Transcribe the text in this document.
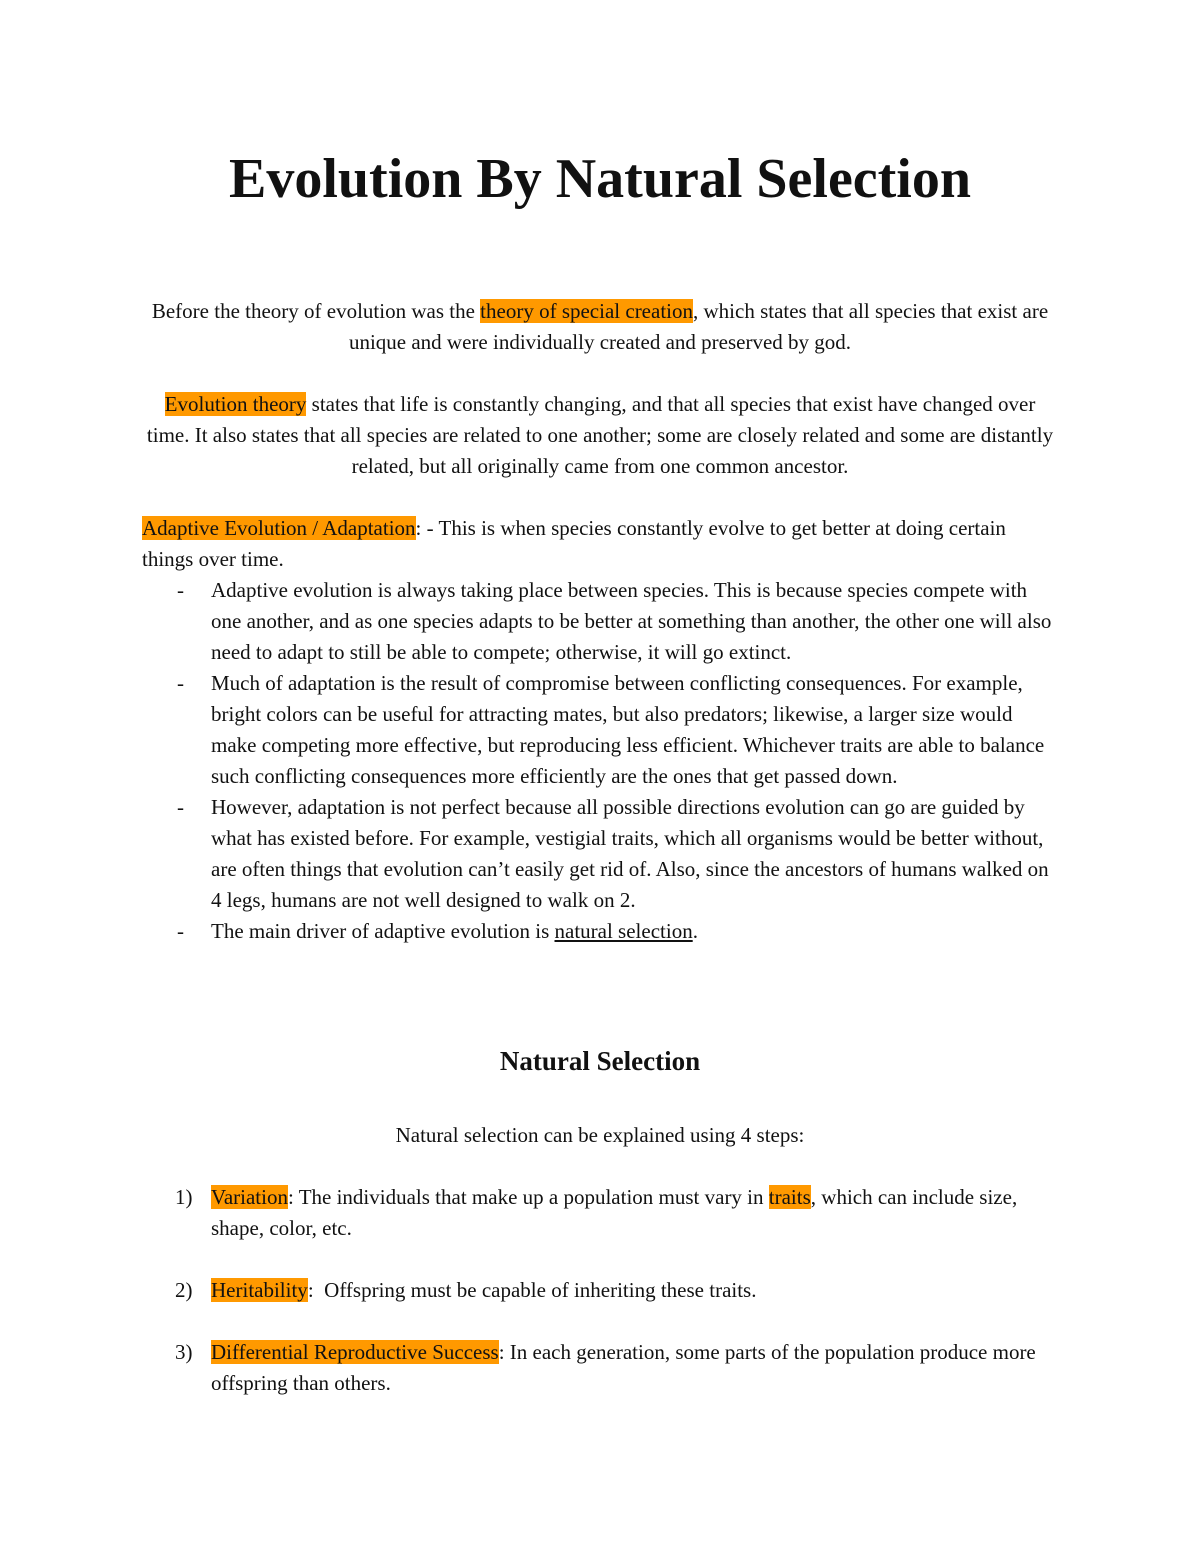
Evolution By Natural Selection

Before the theory of evolution was the theory of special creation, which states that all species that exist are unique and were individually created and preserved by god.

Evolution theory states that life is constantly changing, and that all species that exist have changed over time. It also states that all species are related to one another; some are closely related and some are distantly related, but all originally came from one common ancestor.

Adaptive Evolution / Adaptation: - This is when species constantly evolve to get better at doing certain things over time.

- Adaptive evolution is always taking place between species. This is because species compete with one another, and as one species adapts to be better at something than another, the other one will also need to adapt to still be able to compete; otherwise, it will go extinct.
- Much of adaptation is the result of compromise between conflicting consequences. For example, bright colors can be useful for attracting mates, but also predators; likewise, a larger size would make competing more effective, but reproducing less efficient. Whichever traits are able to balance such conflicting consequences more efficiently are the ones that get passed down.
- However, adaptation is not perfect because all possible directions evolution can go are guided by what has existed before. For example, vestigial traits, which all organisms would be better without, are often things that evolution can’t easily get rid of. Also, since the ancestors of humans walked on 4 legs, humans are not well designed to walk on 2.
- The main driver of adaptive evolution is natural selection.
Natural Selection

Natural selection can be explained using 4 steps:

1) Variation: The individuals that make up a population must vary in traits, which can include size, shape, color, etc.
2) Heritability:  Offspring must be capable of inheriting these traits.
3) Differential Reproductive Success: In each generation, some parts of the population produce more offspring than others.
